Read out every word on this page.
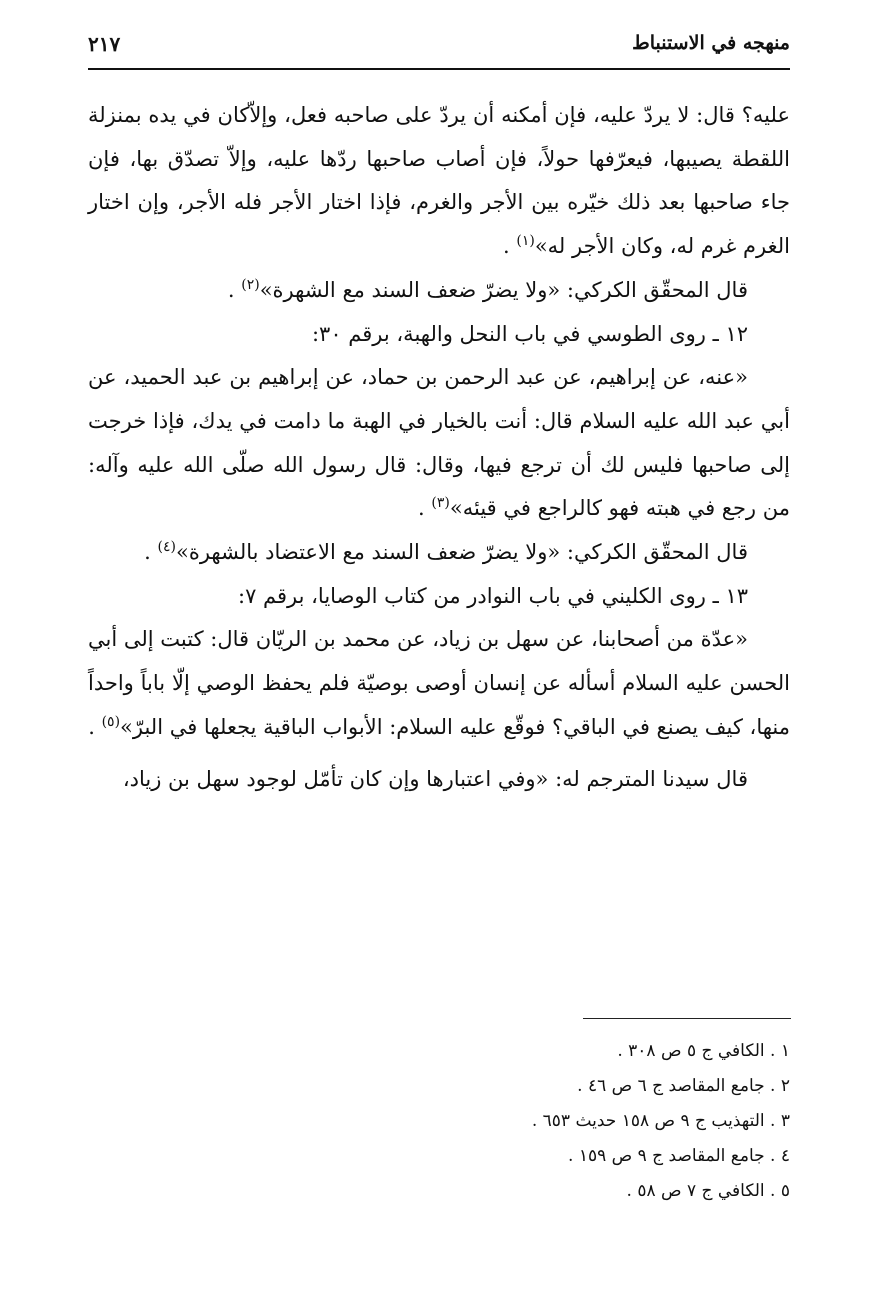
منهجه في الاستنباط
٢١٧

عليه؟ قال: لا يردّ عليه، فإن أمكنه أن يردّ على صاحبه فعل، وإلاّكان في يده بمنزلة اللقطة يصيبها، فيعرّفها حولاً، فإن أصاب صاحبها ردّها عليه، وإلاّ تصدّق بها، فإن جاء صاحبها بعد ذلك خيّره بين الأجر والغرم، فإذا اختار الأجر فله الأجر، وإن اختار الغرم غرم له، وكان الأجر له»$^{(١)}$ .

قال المحقّق الكركي: «ولا يضرّ ضعف السند مع الشهرة»$^{(٢)}$ .

١٢ ـ روى الطوسي في باب النحل والهبة، برقم ٣٠:

«عنه، عن إبراهيم، عن عبد الرحمن بن حماد، عن إبراهيم بن عبد الحميد، عن أبي عبد الله عليه السلام قال: أنت بالخيار في الهبة ما دامت في يدك، فإذا خرجت إلى صاحبها فليس لك أن ترجع فيها، وقال: قال رسول الله صلّى الله عليه وآله: من رجع في هبته فهو كالراجع في قيئه»$^{(٣)}$ .

قال المحقّق الكركي: «ولا يضرّ ضعف السند مع الاعتضاد بالشهرة»$^{(٤)}$ .

١٣ ـ روى الكليني في باب النوادر من كتاب الوصايا، برقم ٧:

«عدّة من أصحابنا، عن سهل بن زياد، عن محمد بن الريّان قال: كتبت إلى أبي الحسن عليه السلام أسأله عن إنسان أوصى بوصيّة فلم يحفظ الوصي إلّا باباً واحداً منها، كيف يصنع في الباقي؟ فوقّع عليه السلام: الأبواب الباقية يجعلها في البرّ»$^{(٥)}$ .

قال سيدنا المترجم له: «وفي اعتبارها وإن كان تأمّل لوجود سهل بن زياد،

١ . الكافي ج ٥ ص ٣٠٨ .
٢ . جامع المقاصد ج ٦ ص ٤٦ .
٣ . التهذيب ج ٩ ص ١٥٨ حديث ٦٥٣ .
٤ . جامع المقاصد ج ٩ ص ١٥٩ .
٥ . الكافي ج ٧ ص ٥٨ .
